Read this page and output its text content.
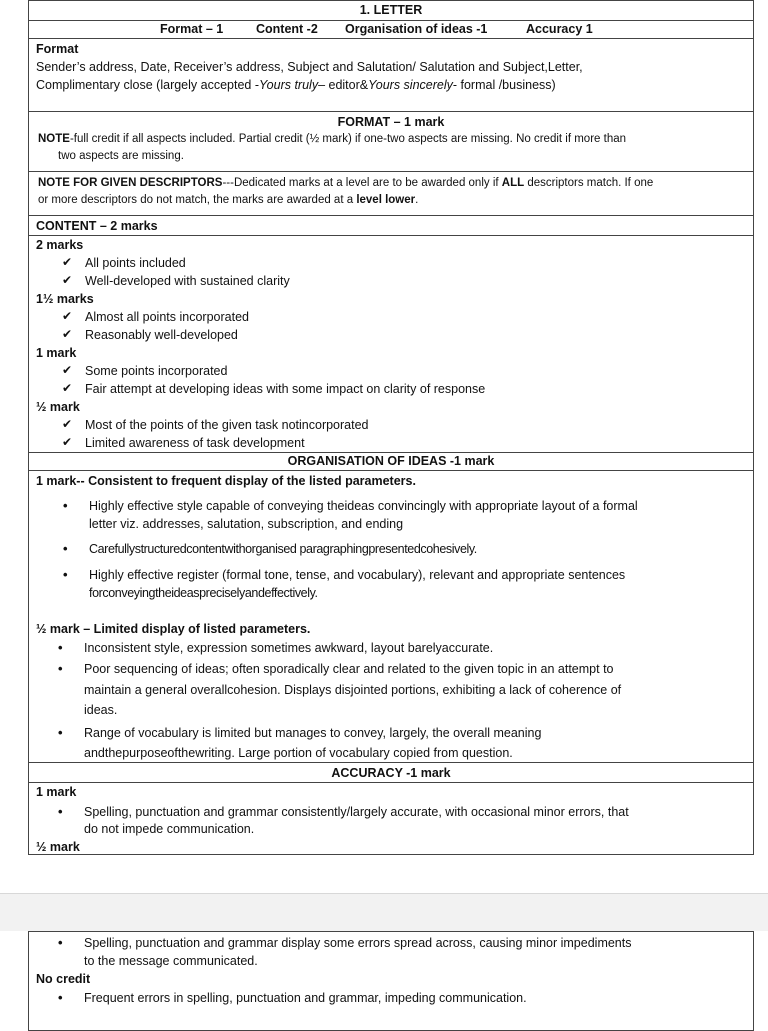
1. LETTER
Format – 1	Content -2 Organisation of ideas -1	Accuracy 1
Format
Sender’s address, Date, Receiver’s address, Subject and Salutation/ Salutation and Subject,Letter,
Complimentary close (largely accepted -Yours truly– editor&Yours sincerely- formal /business)
FORMAT – 1 mark
NOTE-full credit if all aspects included. Partial credit (½ mark) if one-two aspects are missing. No credit if more than
two aspects are missing.
NOTE FOR GIVEN DESCRIPTORS---Dedicated marks at a level are to be awarded only if ALL descriptors match. If one
or more descriptors do not match, the marks are awarded at a level lower.
CONTENT – 2 marks
2 marks
✔ All points included
✔ Well-developed with sustained clarity
1½ marks
✔ Almost all points incorporated
✔ Reasonably well-developed
1 mark
✔ Some points incorporated
✔ Fair attempt at developing ideas with some impact on clarity of response
½ mark
✔ Most of the points of the given task notincorporated
✔ Limited awareness of task development
ORGANISATION OF IDEAS -1 mark
1 mark-- Consistent to frequent display of the listed parameters.
• Highly effective style capable of conveying theideas convincingly with appropriate layout of a formal
letter viz. addresses, salutation, subscription, and ending
• Carefullystructuredcontentwithorganised paragraphingpresentedcohesively.
• Highly effective register (formal tone, tense, and vocabulary), relevant and appropriate sentences
forconveyingtheideaspreciselyandeffectively.
½ mark – Limited display of listed parameters.
• Inconsistent style, expression sometimes awkward, layout barelyaccurate.
• Poor sequencing of ideas; often sporadically clear and related to the given topic in an attempt to
maintain a general overallcohesion. Displays disjointed portions, exhibiting a lack of coherence of
ideas.
• Range of vocabulary is limited but manages to convey, largely, the overall meaning
andthepurposeofthewriting. Large portion of vocabulary copied from question.
ACCURACY -1 mark
1 mark
• Spelling, punctuation and grammar consistently/largely accurate, with occasional minor errors, that
do not impede communication.
½ mark
• Spelling, punctuation and grammar display some errors spread across, causing minor impediments
to the message communicated.
No credit
• Frequent errors in spelling, punctuation and grammar, impeding communication.
